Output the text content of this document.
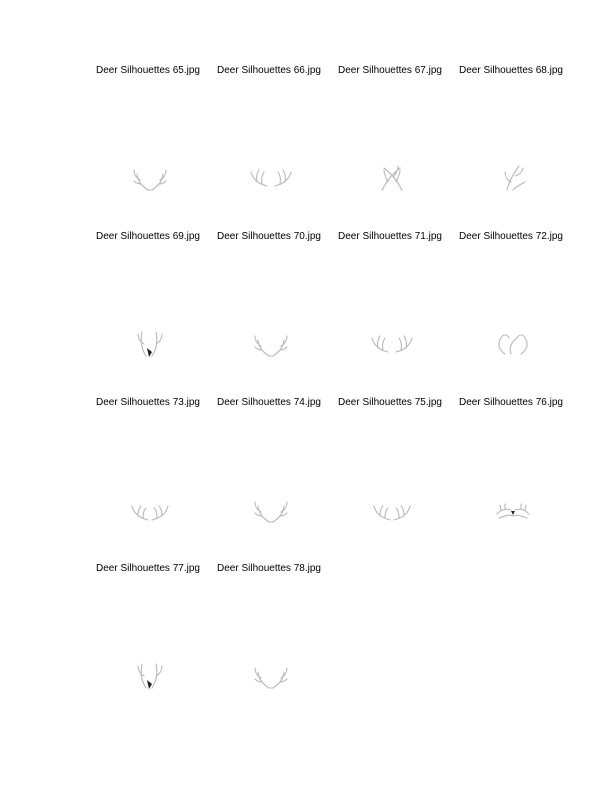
Deer Silhouettes 65.jpg Deer Silhouettes 66.jpg Deer Silhouettes 67.jpg Deer Silhouettes 68.jpg
Deer Silhouettes 69.jpg Deer Silhouettes 70.jpg Deer Silhouettes 71.jpg Deer Silhouettes 72.jpg
Deer Silhouettes 73.jpg Deer Silhouettes 74.jpg Deer Silhouettes 75.jpg Deer Silhouettes 76.jpg
Deer Silhouettes 77.jpg Deer Silhouettes 78.jpg
